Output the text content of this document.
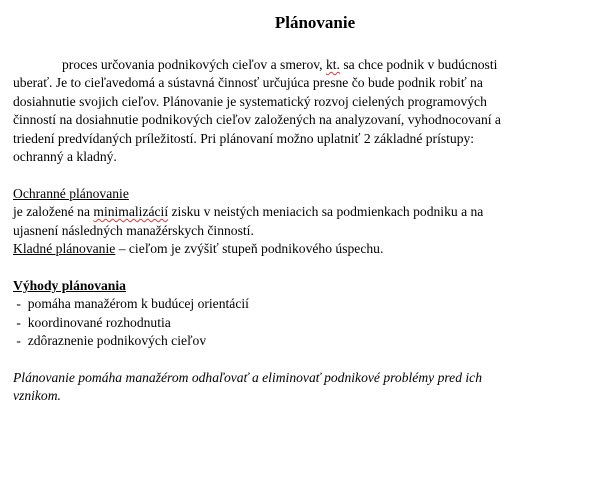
Plánovanie
proces určovania podnikových cieľov a smerov, kt. sa chce podnik v budúcnosti
uberať. Je to cieľavedomá a sústavná činnosť určujúca presne čo bude podnik robiť na
dosiahnutie svojich cieľov. Plánovanie je systematický rozvoj cielených programových
činností na dosiahnutie podnikových cieľov založených na analyzovaní, vyhodnocovaní a
triedení predvídaných príležitostí. Pri plánovaní možno uplatniť 2 základné prístupy:
ochranný a kladný.
Ochranné plánovanie
je založené na minimalizácií zisku v neistých meniacich sa podmienkach podniku a na
ujasnení následných manažérskych činností.
Kladné plánovanie – cieľom je zvýšiť stupeň podnikového úspechu.
Výhody plánovania
-  pomáha manažérom k budúcej orientácií
-  koordinované rozhodnutia
-  zdôraznenie podnikových cieľov
Plánovanie pomáha manažérom odhaľovať a eliminovať podnikové problémy pred ich
vznikom.
